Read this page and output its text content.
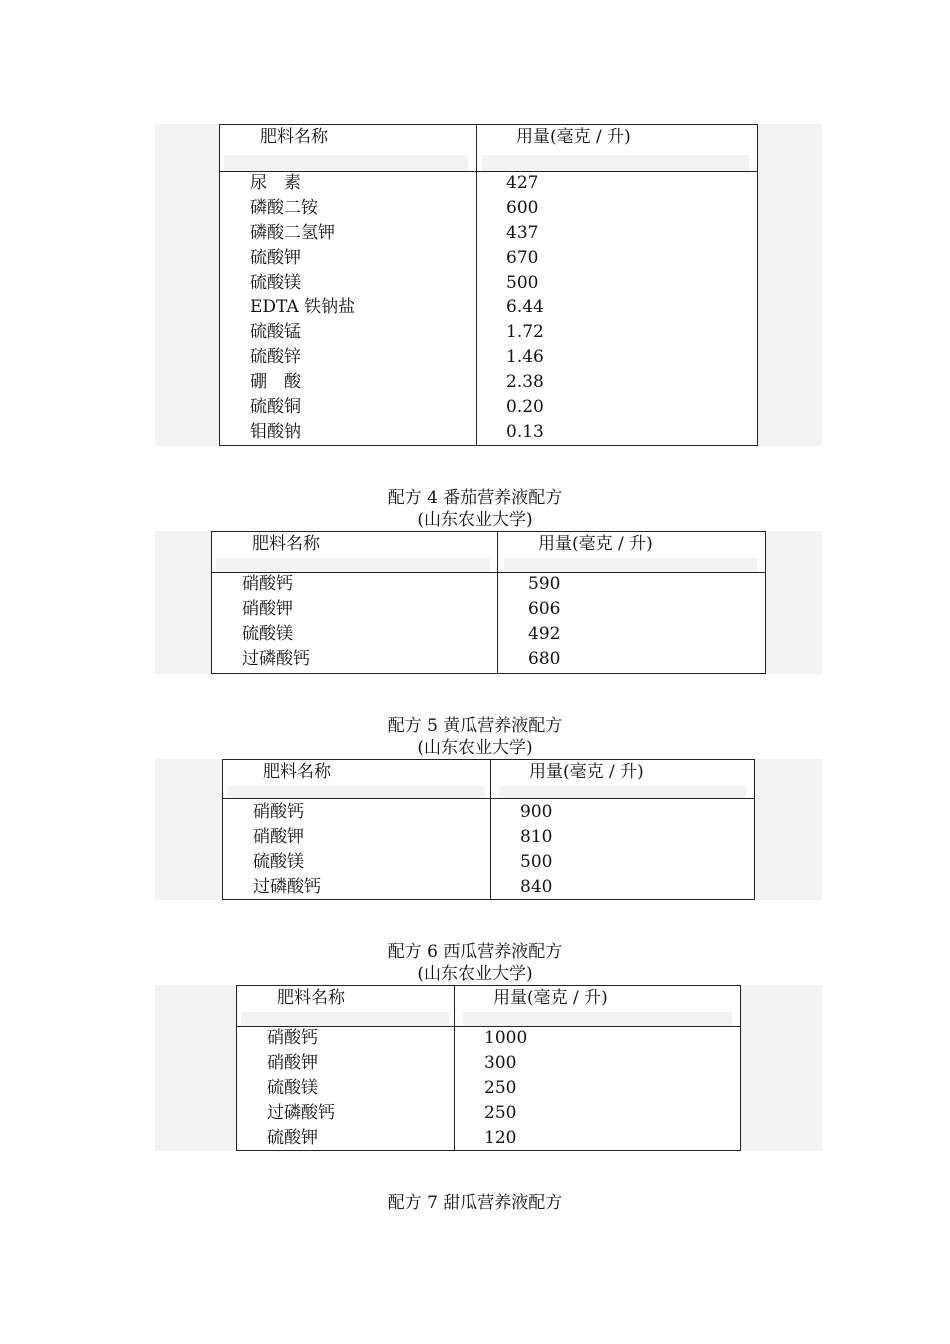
肥料名称	用量(毫克 / 升)
尿　素	427
磷酸二铵	600
磷酸二氢钾	437
硫酸钾	670
硫酸镁	500
EDTA 铁钠盐	6.44
硫酸锰	1.72
硫酸锌	1.46
硼　酸	2.38
硫酸铜	0.20
钼酸钠	0.13
配方 4 番茄营养液配方
(山东农业大学)
肥料名称	用量(毫克 / 升)
硝酸钙	590
硝酸钾	606
硫酸镁	492
过磷酸钙	680
配方 5 黄瓜营养液配方
(山东农业大学)
肥料名称	用量(毫克 / 升)
硝酸钙	900
硝酸钾	810
硫酸镁	500
过磷酸钙	840
配方 6 西瓜营养液配方
(山东农业大学)
肥料名称	用量(毫克 / 升)
硝酸钙	1000
硝酸钾	300
硫酸镁	250
过磷酸钙	250
硫酸钾	120
配方 7 甜瓜营养液配方
